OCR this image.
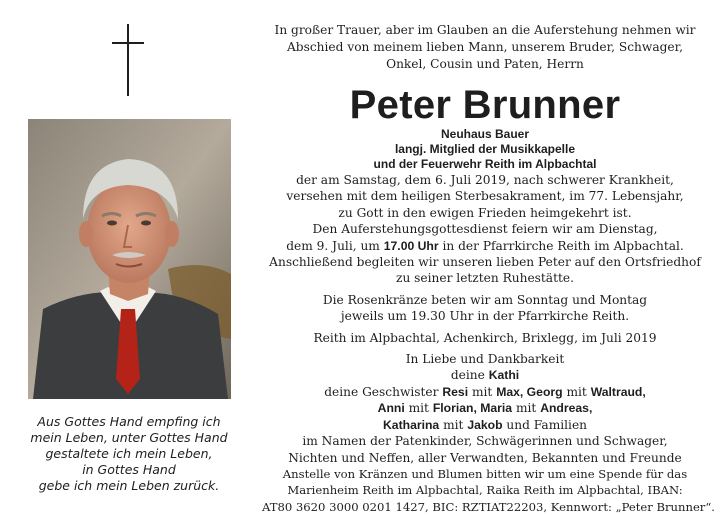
Aus Gottes Hand empfing ich
mein Leben, unter Gottes Hand
gestaltete ich mein Leben,
in Gottes Hand
gebe ich mein Leben zurück.
In großer Trauer, aber im Glauben an die Auferstehung nehmen wir
Abschied von meinem lieben Mann, unserem Bruder, Schwager,
Onkel, Cousin und Paten, Herrn
Peter Brunner
Neuhaus Bauer
langj. Mitglied der Musikkapelle
und der Feuerwehr Reith im Alpbachtal
der am Samstag, dem 6. Juli 2019, nach schwerer Krankheit,
versehen mit dem heiligen Sterbesakrament, im 77. Lebensjahr,
zu Gott in den ewigen Frieden heimgekehrt ist.
Den Auferstehungsgottesdienst feiern wir am Dienstag,
dem 9. Juli, um 17.00 Uhr in der Pfarrkirche Reith im Alpbachtal.
Anschließend begleiten wir unseren lieben Peter auf den Ortsfriedhof
zu seiner letzten Ruhestätte.
Die Rosenkränze beten wir am Sonntag und Montag
jeweils um 19.30 Uhr in der Pfarrkirche Reith.
Reith im Alpbachtal, Achenkirch, Brixlegg, im Juli 2019
In Liebe und Dankbarkeit
deine Kathi
deine Geschwister Resi mit Max, Georg mit Waltraud,
Anni mit Florian, Maria mit Andreas,
Katharina mit Jakob und Familien
im Namen der Patenkinder, Schwägerinnen und Schwager,
Nichten und Neffen, aller Verwandten, Bekannten und Freunde
Anstelle von Kränzen und Blumen bitten wir um eine Spende für das
Marienheim Reith im Alpbachtal, Raika Reith im Alpbachtal, IBAN:
AT80 3620 3000 0201 1427, BIC: RZTIAT22203, Kennwort: „Peter Brunner“.
